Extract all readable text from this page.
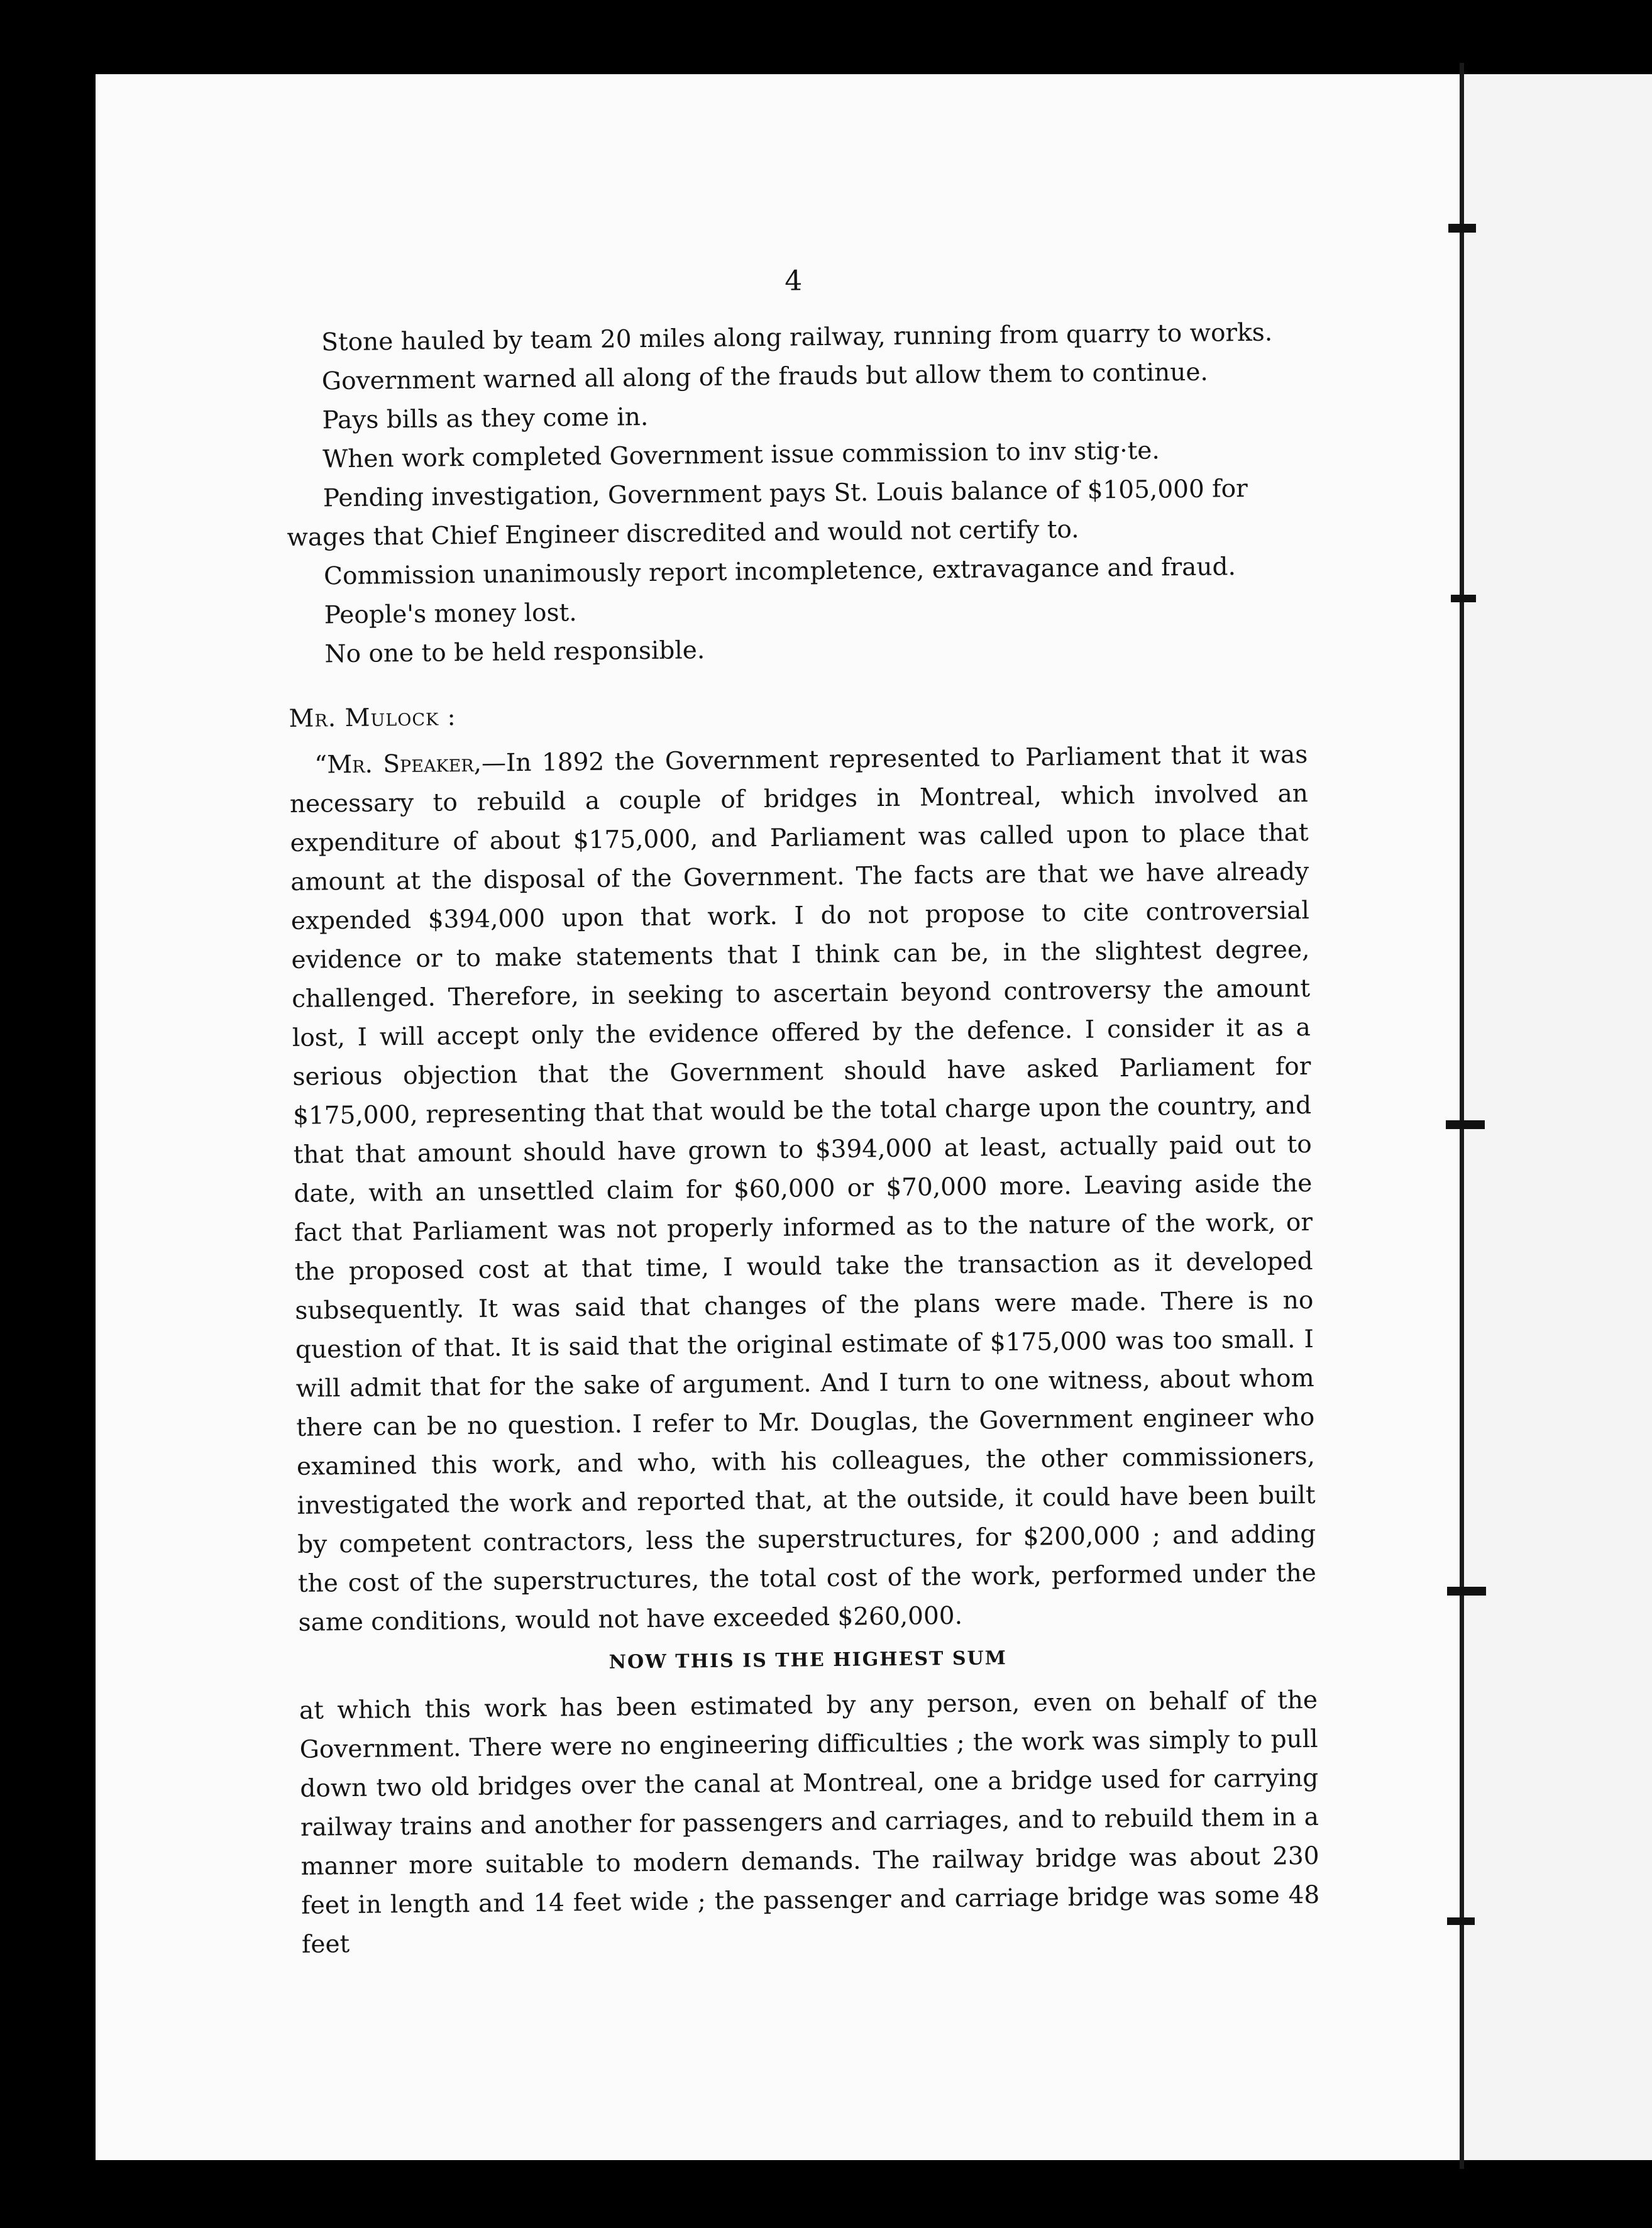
4

Stone hauled by team 20 miles along railway, running from quarry to works.

Government warned all along of the frauds but allow them to continue.

Pays bills as they come in.

When work completed Government issue commission to inv stig·te.

Pending investigation, Government pays St. Louis balance of $105,000 for wages that Chief Engineer discredited and would not certify to.

Commission unanimously report incompletence, extravagance and fraud.

People's money lost.

No one to be held responsible.

Mr. Mulock :

“Mr. Speaker,—In 1892 the Government represented to Parliament that it was necessary to rebuild a couple of bridges in Montreal, which involved an expenditure of about $175,000, and Parliament was called upon to place that amount at the disposal of the Government. The facts are that we have already expended $394,000 upon that work. I do not propose to cite controversial evidence or to make statements that I think can be, in the slightest degree, challenged. Therefore, in seeking to ascertain beyond controversy the amount lost, I will accept only the evidence offered by the defence. I consider it as a serious objection that the Government should have asked Parliament for $175,000, representing that that would be the total charge upon the country, and that that amount should have grown to $394,000 at least, actually paid out to date, with an unsettled claim for $60,000 or $70,000 more. Leaving aside the fact that Parliament was not properly informed as to the nature of the work, or the proposed cost at that time, I would take the transaction as it developed subsequently. It was said that changes of the plans were made. There is no question of that. It is said that the original estimate of $175,000 was too small. I will admit that for the sake of argument. And I turn to one witness, about whom there can be no question. I refer to Mr. Douglas, the Government engineer who examined this work, and who, with his colleagues, the other commissioners, investigated the work and reported that, at the outside, it could have been built by competent contractors, less the superstructures, for $200,000 ; and adding the cost of the superstructures, the total cost of the work, performed under the same conditions, would not have exceeded $260,000.

NOW THIS IS THE HIGHEST SUM

at which this work has been estimated by any person, even on behalf of the Government. There were no engineering difficulties ; the work was simply to pull down two old bridges over the canal at Montreal, one a bridge used for carrying railway trains and another for passengers and carriages, and to rebuild them in a manner more suitable to modern demands. The railway bridge was about 230 feet in length and 14 feet wide ; the passenger and carriage bridge was some 48 feet
